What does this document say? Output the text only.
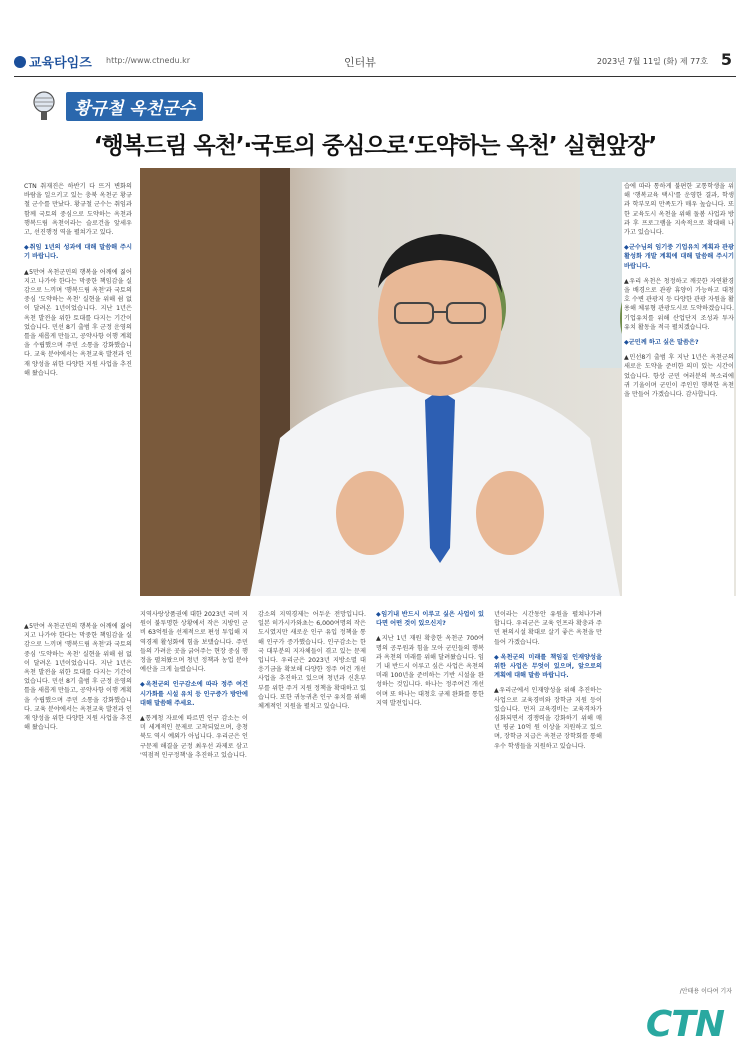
교육타임즈 http://www.ctnedu.kr	인터뷰	2023년 7월 11일 (화) 제 77호 5
황규철 옥천군수
‘행복드림 옥천’·국토의 중심으로‘도약하는 옥천’ 실현앞장’

CTN 취재진은 하반기 다 뜨거 변화의 바람을 일으키고 있는 충북 옥천군 황규철 군수를 만났다. 황규철 군수는 취임과 함께 국토의 중심으로 도약하는 옥천과 행복드림 옥천이라는 슬로건을 앞세우고, 선진행정 역을 펼쳐가고 있다.

◆취임 1년의 성과에 대해 말씀해 주시기 바랍니다.

▲5만여 옥천군민의 행복을 어깨에 짊어지고 나가야 한다는 막중한 책임감을 실감으로 느끼며 '행복드림 옥천'과 국토의 중심 '도약하는 옥천' 실현을 위해 쉼 없이 달려온 1년이었습니다. 지난 1년은 옥천 발전을 위한 토대를 다지는 기간이었습니다. 민선 8기 출범 후 군정 운영의 틀을 새롭게 만들고, 공약사항 이행 계획을 수립했으며 주민 소통을 강화했습니다. 교육 분야에서는 옥천교육 발전과 인재 양성을 위한 다양한 지원 사업을 추진해 왔습니다.

▲5만여 옥천군민의 행복을 어깨에 짊어지고 나가야 한다는 막중한 책임감을 실감으로 느끼며 '행복드림 옥천'과 국토의 중심 '도약하는 옥천' 실현을 위해 쉼 없이 달려온 1년이었습니다. 지난 1년은 옥천 발전을 위한 토대를 다지는 기간이었습니다. 민선 8기 출범 후 군정 운영의 틀을 새롭게 만들고, 공약사항 이행 계획을 수립했으며 주민 소통을 강화했습니다. 교육 분야에서는 옥천교육 발전과 인재 양성을 위한 다양한 지원 사업을 추진해 왔습니다.

지역사랑상품권에 대한 2023년 국비 지원이 불투명한 상황에서 작은 지방인 군비 63억원을 선제적으로 편성 투입해 지역경제 활성화에 힘을 보탰습니다. 주민들의 가려운 곳을 긁어주는 현장 중심 행정을 펼쳐왔으며 청년 정책과 농업 분야 예산을 크게 늘렸습니다.

◆옥천군의 인구감소에 따라 정주 여건 시가화를 시설 유치 등 인구증가 방안에 대해 말씀해 주세요.

▲통계청 자료에 따르면 인구 감소는 이미 세계적인 문제로 고착되었으며, 충청북도 역시 예외가 아닙니다. 우리군은 인구문제 해결을 군정 최우선 과제로 삼고 '역점적 인구정책'을 추진하고 있습니다.

감소의 지역경제는 어두운 전망입니다. 일본 히가시카와쵸는 6,000여명의 작은 도시였지만 새로운 인구 유입 정책을 통해 인구가 증가했습니다. 인구감소는 한국 대부분의 지자체들이 겪고 있는 문제입니다. 우리군은 2023년 지방소멸 대응기금을 확보해 다양한 정주 여건 개선 사업을 추진하고 있으며 청년과 신혼부부를 위한 주거 지원 정책을 확대하고 있습니다. 또한 귀농귀촌 인구 유치를 위해 체계적인 지원을 펼치고 있습니다.

◆임기내 반드시 이루고 싶은 사업이 있다면 어떤 것이 있으신지?

▲지난 1년 재원 확충한 옥천군 700여명의 공무원과 힘을 모아 군민들의 행복과 옥천의 미래를 위해 달려왔습니다. 임기 내 반드시 이루고 싶은 사업은 옥천의 미래 100년을 준비하는 기반 시설을 완성하는 것입니다. 하나는 정주여건 개선이며 또 하나는 대청호 규제 완화를 통한 지역 발전입니다.

년이라는 시간동안 유원을 펼쳐나가려 합니다. 우리군은 교육 인프라 확충과 주민 편의시설 확대로 살기 좋은 옥천을 만들어 가겠습니다.

◆옥천군의 미래를 책임질 인재양성을 위한 사업은 무엇이 있으며, 앞으로의 계획에 대해 말씀 바랍니다.

▲우리군에서 인재양성을 위해 추진하는 사업으로 교육경비와 장학금 지원 등이 있습니다. 먼저 교육경비는 교육격차가 심화되면서 경쟁력을 강화하기 위해 매년 평균 10억 원 이상을 지원하고 있으며, 장학금 지급은 옥천군 장학회를 통해 우수 학생들을 지원하고 있습니다.

습에 따라 통하게 불편한 교통학생을 위해 '행복교육 택시'를 운영한 결과, 학생과 학부모의 만족도가 매우 높습니다. 또한 교육도시 옥천을 위해 돌봄 사업과 방과 후 프로그램을 지속적으로 확대해 나가고 있습니다.

◆군수님의 임기중 기업유치 계획과 관광 활성화 개발 계획에 대해 말씀해 주시기 바랍니다.

▲우리 옥천은 청정하고 깨끗한 자연환경을 배경으로 관광 휴양이 가능하고 대청호 수변 관광지 등 다양한 관광 자원을 활용해 체류형 관광도시로 도약하겠습니다. 기업유치를 위해 산업단지 조성과 투자 유치 활동을 적극 펼치겠습니다.

◆군민께 하고 싶은 말씀은?

▲민선8기 출범 후 지난 1년은 옥천군의 새로운 도약을 준비한 의미 있는 시간이었습니다. 항상 군민 여러분의 목소리에 귀 기울이며 군민이 주인인 행복한 옥천을 만들어 가겠습니다. 감사합니다.

/안태용 이다여 기자
CTN
